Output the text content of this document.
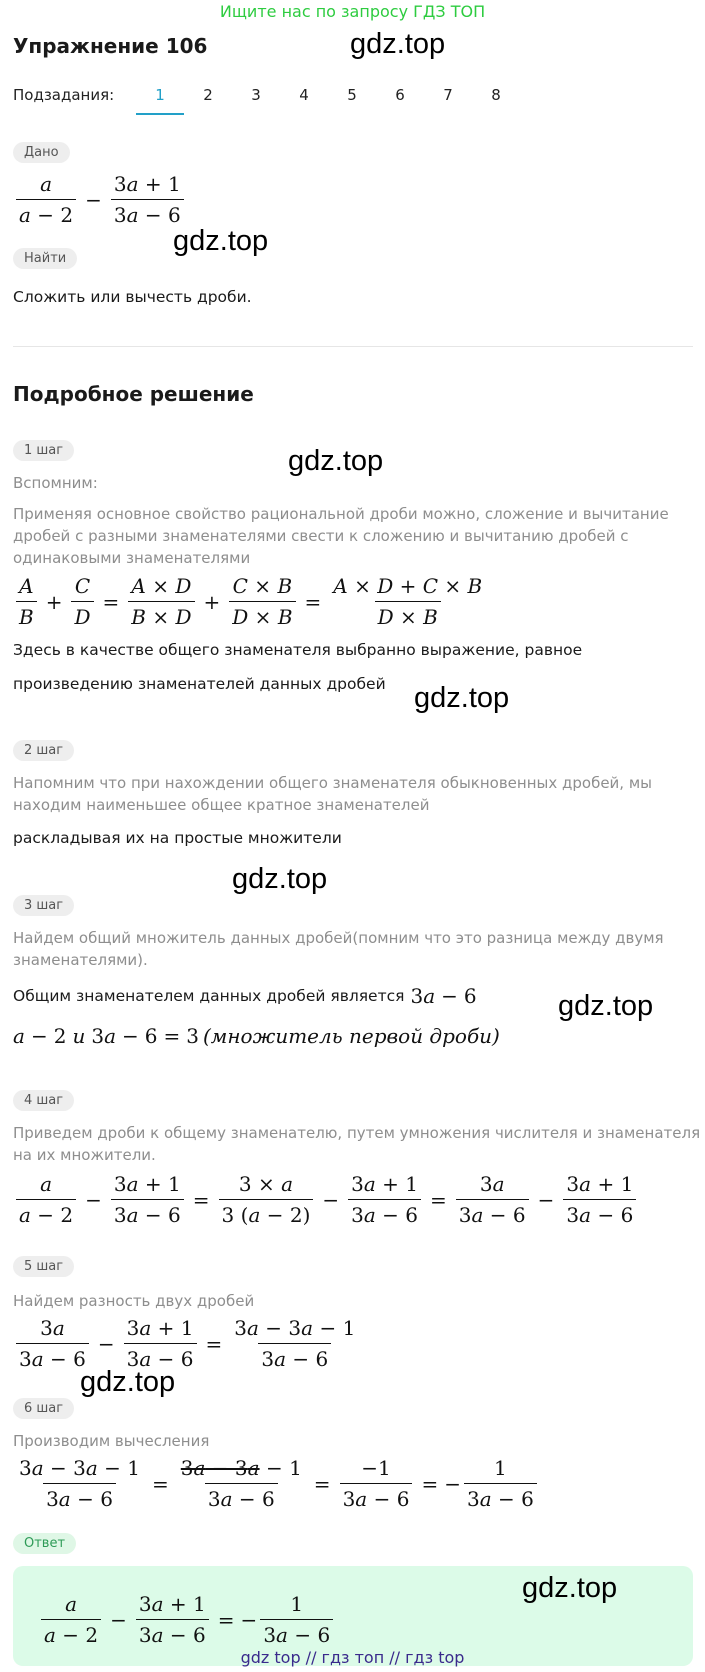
Ищите нас по запросу ГДЗ ТОП
Упражнение 106	gdz.top
Подзадания:	1	2	3	4	5	6	7	8
Дано
$\frac{a}{a - 2} - \frac{3a + 1}{3a - 6}$
gdz.top
Найти
Сложить или вычесть дроби.
Подробное решение
1 шаг	gdz.top
Вспомним:
Применяя основное свойство рациональной дроби можно, сложение и вычитание дробей с разными знаменателями свести к сложению и вычитанию дробей с одинаковыми знаменателями
$\frac{A}{B} + \frac{C}{D} = \frac{A \times D}{B \times D} + \frac{C \times B}{D \times B} = \frac{A \times D + C \times B}{D \times B}$
Здесь в качестве общего знаменателя выбранно выражение, равное
произведению знаменателей данных дробей gdz.top
2 шаг
Напомним что при нахождении общего знаменателя обыкновенных дробей, мы находим наименьшее общее кратное знаменателей
раскладывая их на простые множители
gdz.top
3 шаг
Найдем общий множитель данных дробей(помним что это разница между двумя знаменателями).
Общим знаменателем данных дробей является 3 a − 6	gdz.top
a − 2 и 3 a − 6 = 3 (множитель первой дроби)
4 шаг
Приведем дроби к общему знаменателю, путем умножения числителя и знаменателя на их множители.
$\frac{a}{a - 2} - \frac{3a + 1}{3a - 6} = \frac{3 \times a}{3 (a - 2)} - \frac{3a + 1}{3a - 6} = \frac{3a}{3a - 6} - \frac{3a + 1}{3a - 6}$
5 шаг
Найдем разность двух дробей
$\frac{3a}{3a - 6} - \frac{3a + 1}{3a - 6} = \frac{3a - 3a - 1}{3a - 6}$
gdz.top
6 шаг
Производим вычесления
$\frac{3a - 3a - 1}{3a - 6} = \frac{3a - 3a - 1}{3a - 6} = \frac{-1}{3a - 6}$ = − $\frac{1}{3a - 6}$
Ответ
$\frac{a}{a - 2} - \frac{3a + 1}{3a - 6}$ = − $\frac{1}{3a - 6}$
gdz.top
gdz top // гдз топ // гдз top
